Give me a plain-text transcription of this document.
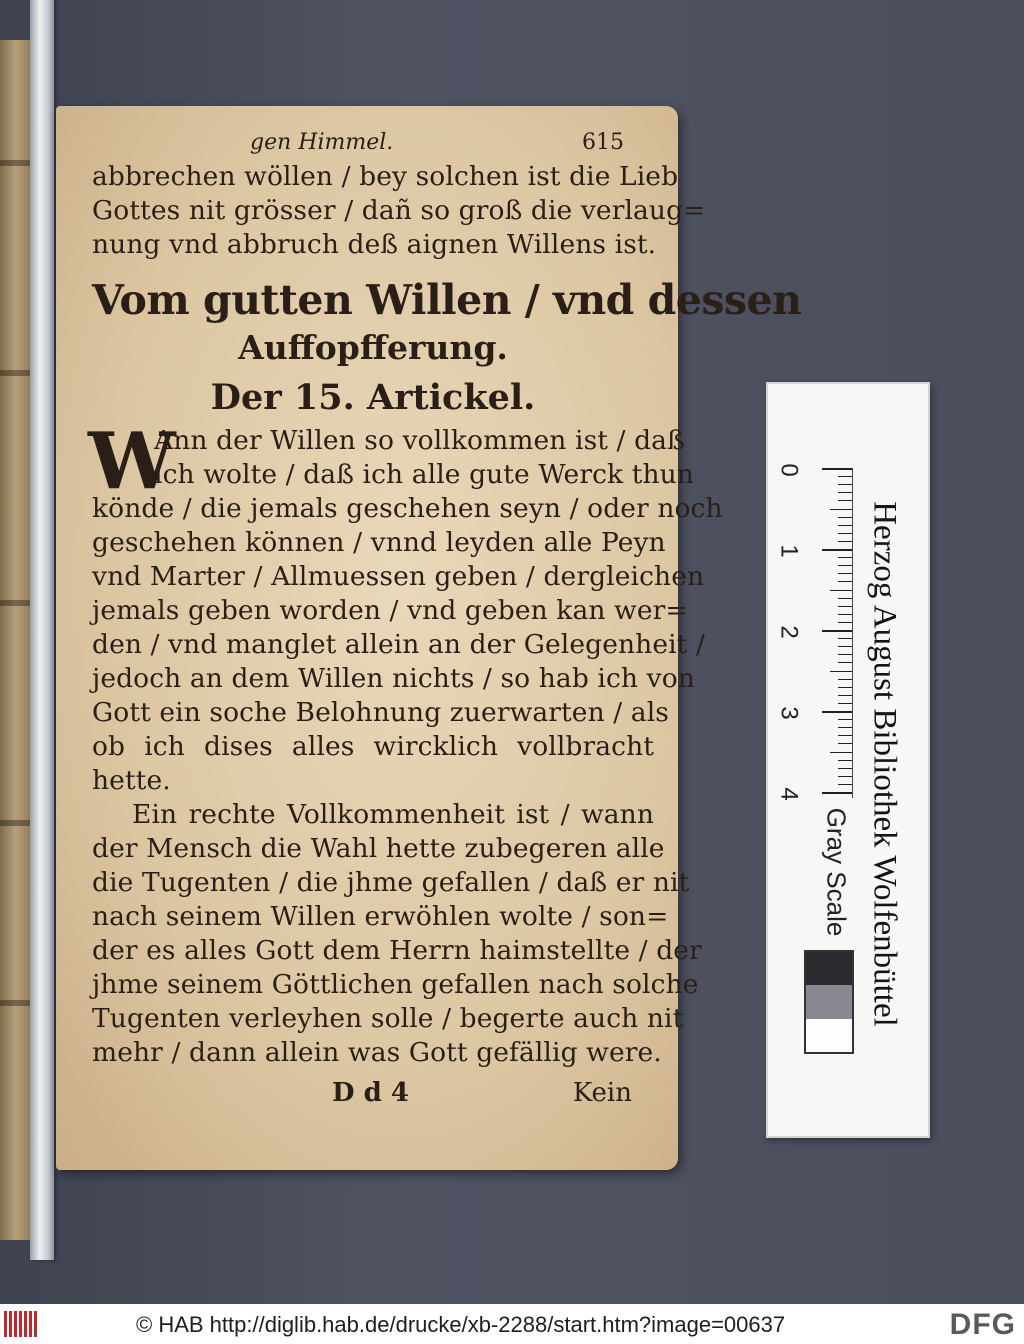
gen Himmel.	615
abbrechen wöllen / bey solchen ist die Lieb
Gottes nit grösser / dañ so groß die verlaug=
nung vnd abbruch deß aignen Willens ist.
Vom gutten Willen / vnd dessen
Auffopfferung.
Der 15. Artickel.
W
Ann der Willen so vollkommen ist / daß
ich wolte / daß ich alle gute Werck thun
könde / die jemals geschehen seyn / oder noch
geschehen können / vnnd leyden alle Peyn
vnd Marter / Allmuessen geben / dergleichen
jemals geben worden / vnd geben kan wer=
den / vnd manglet allein an der Gelegenheit /
jedoch an dem Willen nichts / so hab ich von
Gott ein sоche Belohnung zuerwarten / als
ob ich dises alles wircklich vollbracht
hette.
Ein rechte Vollkommenheit ist / wann
der Mensch die Wahl hette zubegeren alle
die Tugenten / die jhme gefallen / daß er nit
nach seinem Willen erwöhlen wolte / son=
der es alles Gott dem Herrn haimstellte / der
jhme seinem Göttlichen gefallen nach solche
Tugenten verleyhen solle / begerte auch nit
mehr / dann allein was Gott gefällig were.
D d 4	Kein
Herzog August Bibliothek Wolfenbüttel
0
1
2
3
4
Gray Scale
© HAB http://diglib.hab.de/drucke/xb-2288/start.htm?image=00637	DFG
